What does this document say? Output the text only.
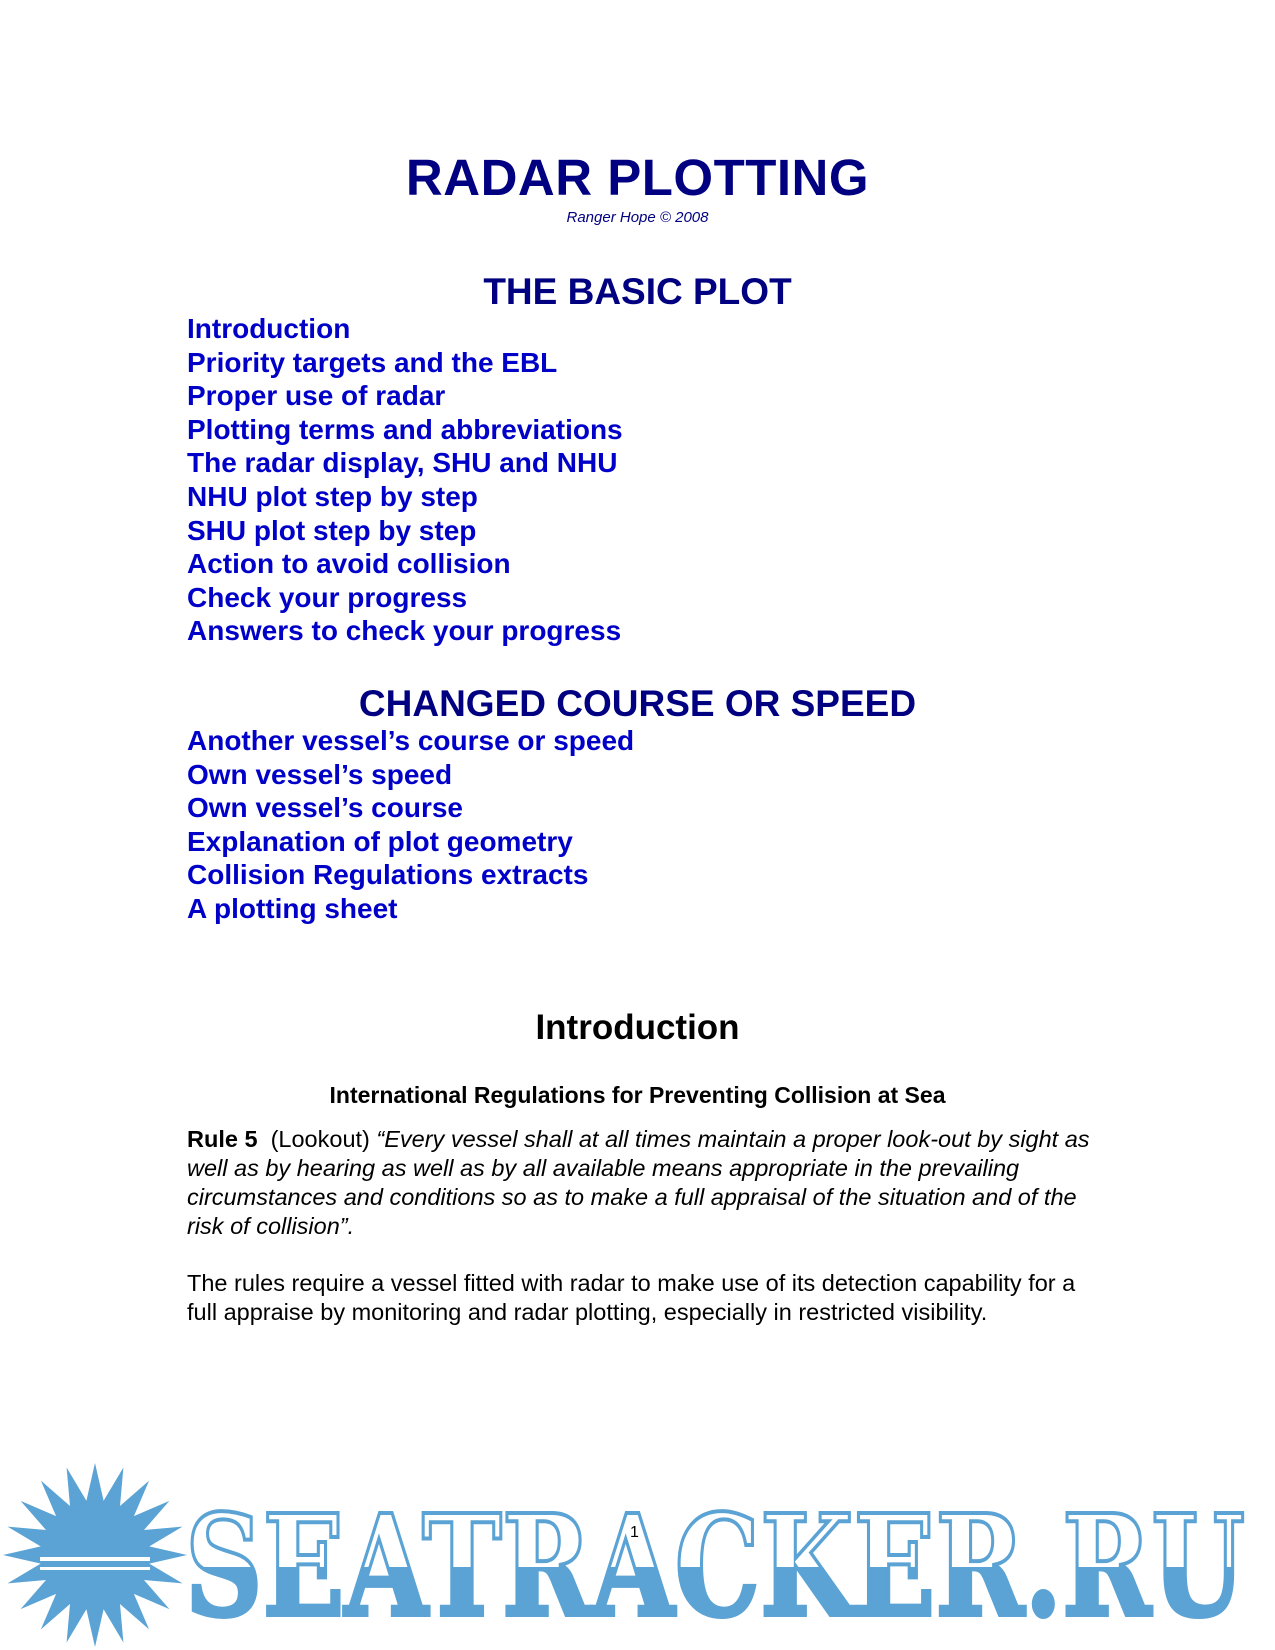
RADAR PLOTTING
Ranger Hope © 2008
THE BASIC PLOT
Introduction
Priority targets and the EBL
Proper use of radar
Plotting terms and abbreviations
The radar display, SHU and NHU
NHU plot step by step
SHU plot step by step
Action to avoid collision
Check your progress
Answers to check your progress
CHANGED COURSE OR SPEED
Another vessel’s course or speed
Own vessel’s speed
Own vessel’s course
Explanation of plot geometry
Collision Regulations extracts
A plotting sheet
Introduction
International Regulations for Preventing Collision at Sea

Rule 5 (Lookout) “Every vessel shall at all times maintain a proper look-out by sight as well as by hearing as well as by all available means appropriate in the prevailing circumstances and conditions so as to make a full appraisal of the situation and of the risk of collision”.

The rules require a vessel fitted with radar to make use of its detection capability for a full appraise by monitoring and radar plotting, especially in restricted visibility.

SEATRACKER.RU
1
